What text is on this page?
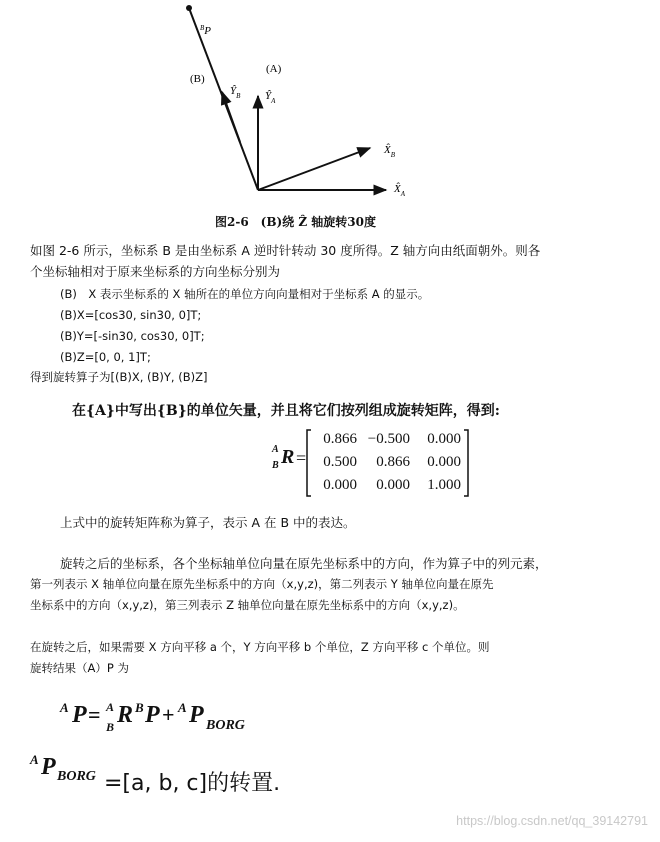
$^B$P
(B)
(A)
$Ŷ_B$ $Ŷ_A$
$X̂_B$
$X̂_A$
图2-6　(B)绕 Ẑ 轴旋转30度
如图 2-6 所示，坐标系 B 是由坐标系 A 逆时针转动 30 度所得。Z 轴方向由纸面朝外。则各
个坐标轴相对于原来坐标系的方向坐标分别为
(B)　X 表示坐标系的 X 轴所在的单位方向向量相对于坐标系 A 的显示。
(B)X=[cos30, sin30, 0]T;
(B)Y=[-sin30, cos30, 0]T;
(B)Z=[0, 0, 1]T;
得到旋转算子为[(B)X, (B)Y, (B)Z]
在{A}中写出{B}的单位矢量，并且将它们按列组成旋转矩阵，得到:
A
B R =
0.866 −0.500	0.000
0.500	0.866	0.000
0.000	0.000	1.000
上式中的旋转矩阵称为算子，表示 A 在 B 中的表达。
旋转之后的坐标系，各个坐标轴单位向量在原先坐标系中的方向，作为算子中的列元素，
第一列表示 X 轴单位向量在原先坐标系中的方向（x,y,z)，第二列表示 Y 轴单位向量在原先
坐标系中的方向（x,y,z)，第三列表示 Z 轴单位向量在原先坐标系中的方向（x,y,z)。
在旋转之后，如果需要 X 方向平移 a 个，Y 方向平移 b 个单位，Z 方向平移 c 个单位。则
旋转结果（A）P 为
A P = A
B R B P + A P BORG
A P BORG =[a, b, c]的转置.
https://blog.csdn.net/qq_39142791
